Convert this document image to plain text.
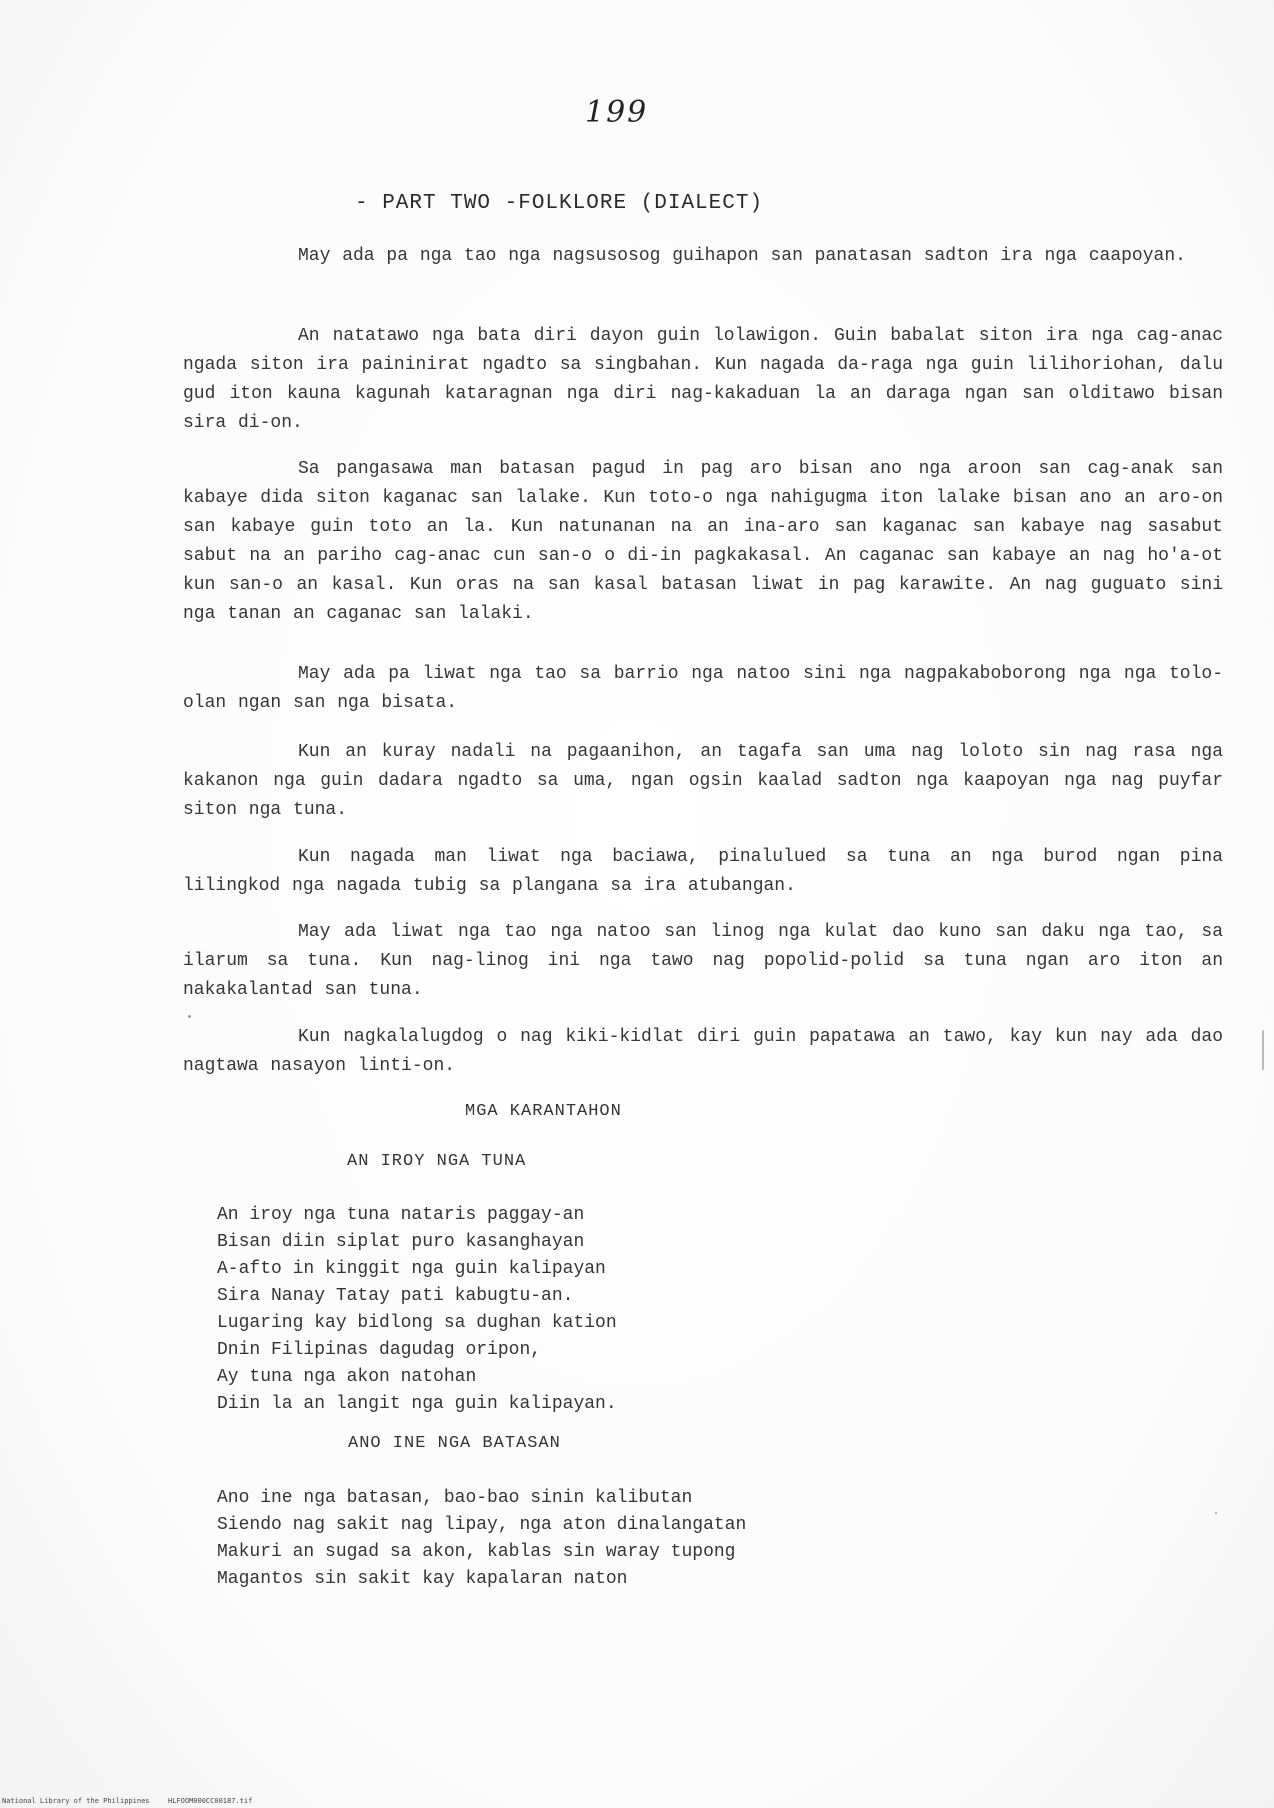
199
- PART TWO -FOLKLORE (DIALECT)

May ada pa nga tao nga nagsusosog guihapon san panatasan sadton ira nga caapoyan.

An natatawo nga bata diri dayon guin lolawigon. Guin babalat siton ira nga cag-anac ngada siton ira paininirat ngadto sa singbahan. Kun nagada da-raga nga guin lilihoriohan, dalu gud iton kauna kagunah kataragnan nga diri nag-kakaduan la an daraga ngan san olditawo bisan sira di-on.

Sa pangasawa man batasan pagud in pag aro bisan ano nga aroon san cag-anak san kabaye dida siton kaganac san lalake. Kun toto-o nga nahigugma iton lalake bisan ano an aro-on san kabaye guin toto an la. Kun natunanan na an ina-aro san kaganac san kabaye nag sasabut sabut na an pariho cag-anac cun san-o o di-in pagkakasal. An caganac san kabaye an nag ho'a-ot kun san-o an kasal. Kun oras na san kasal batasan liwat in pag karawite. An nag guguato sini nga tanan an caganac san lalaki.

May ada pa liwat nga tao sa barrio nga natoo sini nga nagpakaboborong nga nga tolo-olan ngan san nga bisata.

Kun an kuray nadali na pagaanihon, an tagafa san uma nag loloto sin nag rasa nga kakanon nga guin dadara ngadto sa uma, ngan ogsin kaalad sadton nga kaapoyan nga nag puyfar siton nga tuna.

Kun nagada man liwat nga baciawa, pinalulued sa tuna an nga burod ngan pina lilingkod nga nagada tubig sa plangana sa ira atubangan.

May ada liwat nga tao nga natoo san linog nga kulat dao kuno san daku nga tao, sa ilarum sa tuna. Kun nag-linog ini nga tawo nag popolid-polid sa tuna ngan aro iton an nakakalantad san tuna.

Kun nagkalalugdog o nag kiki-kidlat diri guin papatawa an tawo, kay kun nay ada dao nagtawa nasayon linti-on.

MGA KARANTAHON
AN IROY NGA TUNA
An iroy nga tuna nataris paggay-an
Bisan diin siplat puro kasanghayan
A-afto in kinggit nga guin kalipayan
Sira Nanay Tatay pati kabugtu-an.
Lugaring kay bidlong sa dughan kation
Dnin Filipinas dagudag oripon,
Ay tuna nga akon natohan
Diin la an langit nga guin kalipayan.
ANO INE NGA BATASAN
Ano ine nga batasan, bao-bao sinin kalibutan
Siendo nag sakit nag lipay, nga aton dinalangatan
Makuri an sugad sa akon, kablas sin waray tupong
Magantos sin sakit kay kapalaran naton
National Library of the Philippines	HLFOOM000CC00187.tif
